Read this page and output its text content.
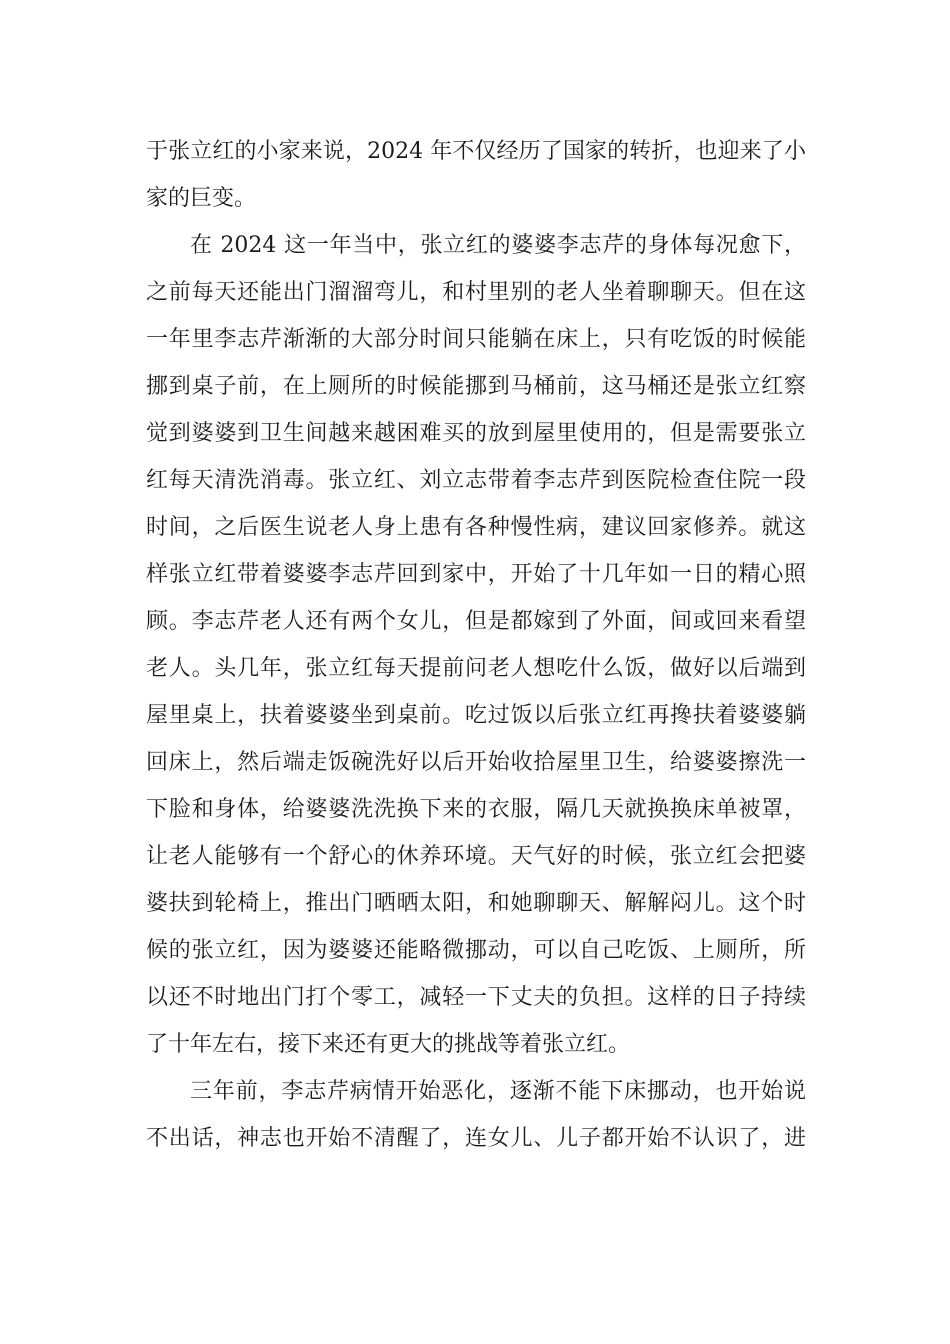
于张立红的小家来说，2024 年不仅经历了国家的转折，也迎来了小
家的巨变。
在 2024 这一年当中，张立红的婆婆李志芹的身体每况愈下，
之前每天还能出门溜溜弯儿，和村里别的老人坐着聊聊天。但在这
一年里李志芹渐渐的大部分时间只能躺在床上，只有吃饭的时候能
挪到桌子前，在上厕所的时候能挪到马桶前，这马桶还是张立红察
觉到婆婆到卫生间越来越困难买的放到屋里使用的，但是需要张立
红每天清洗消毒。张立红、刘立志带着李志芹到医院检查住院一段
时间，之后医生说老人身上患有各种慢性病，建议回家修养。就这
样张立红带着婆婆李志芹回到家中，开始了十几年如一日的精心照
顾。李志芹老人还有两个女儿，但是都嫁到了外面，间或回来看望
老人。头几年，张立红每天提前问老人想吃什么饭，做好以后端到
屋里桌上，扶着婆婆坐到桌前。吃过饭以后张立红再搀扶着婆婆躺
回床上，然后端走饭碗洗好以后开始收拾屋里卫生，给婆婆擦洗一
下脸和身体，给婆婆洗洗换下来的衣服，隔几天就换换床单被罩，
让老人能够有一个舒心的休养环境。天气好的时候，张立红会把婆
婆扶到轮椅上，推出门晒晒太阳，和她聊聊天、解解闷儿。这个时
候的张立红，因为婆婆还能略微挪动，可以自己吃饭、上厕所，所
以还不时地出门打个零工，减轻一下丈夫的负担。这样的日子持续
了十年左右，接下来还有更大的挑战等着张立红。
三年前，李志芹病情开始恶化，逐渐不能下床挪动，也开始说
不出话，神志也开始不清醒了，连女儿、儿子都开始不认识了，进
